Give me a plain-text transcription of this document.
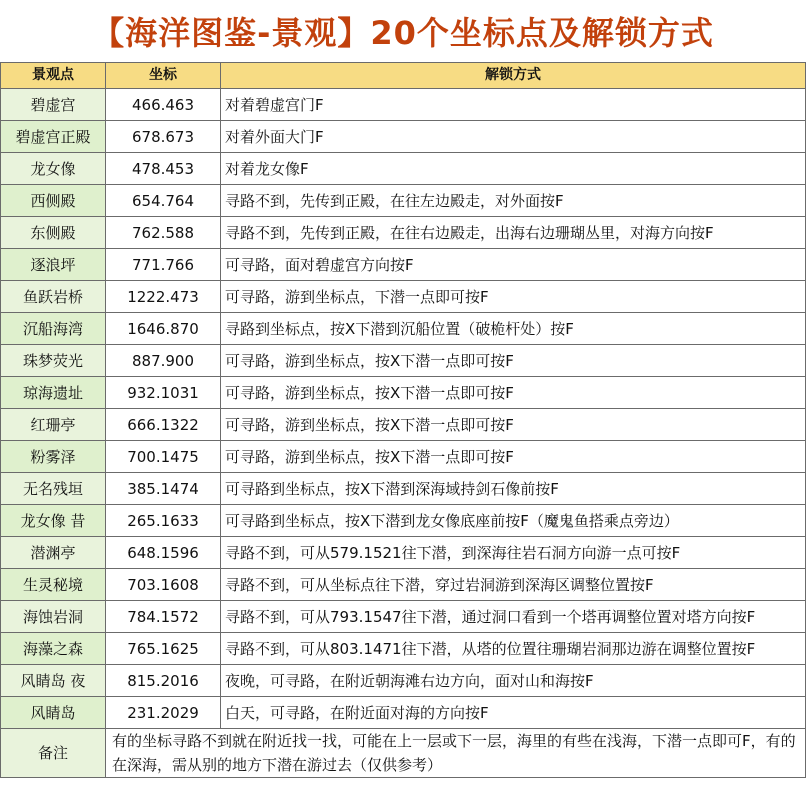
【海洋图鉴-景观】20个坐标点及解锁方式
景观点	坐标	解锁方式
碧虚宫	466.463	对着碧虚宫门F
碧虚宫正殿	678.673	对着外面大门F
龙女像	478.453	对着龙女像F
西侧殿	654.764	寻路不到，先传到正殿，在往左边殿走，对外面按F
东侧殿	762.588	寻路不到，先传到正殿，在往右边殿走，出海右边珊瑚丛里，对海方向按F
逐浪坪	771.766	可寻路，面对碧虚宫方向按F
鱼跃岩桥	1222.473	可寻路，游到坐标点，下潜一点即可按F
沉船海湾	1646.870	寻路到坐标点，按X下潜到沉船位置（破桅杆处）按F
珠梦荧光	887.900	可寻路，游到坐标点，按X下潜一点即可按F
琼海遗址	932.1031	可寻路，游到坐标点，按X下潜一点即可按F
红珊亭	666.1322	可寻路，游到坐标点，按X下潜一点即可按F
粉雾泽	700.1475	可寻路，游到坐标点，按X下潜一点即可按F
无名残垣	385.1474	可寻路到坐标点，按X下潜到深海域持剑石像前按F
龙女像 昔	265.1633	可寻路到坐标点，按X下潜到龙女像底座前按F（魔鬼鱼搭乘点旁边）
潜渊亭	648.1596	寻路不到，可从579.1521往下潜，到深海往岩石洞方向游一点可按F
生灵秘境	703.1608	寻路不到，可从坐标点往下潜，穿过岩洞游到深海区调整位置按F
海蚀岩洞	784.1572	寻路不到，可从793.1547往下潜，通过洞口看到一个塔再调整位置对塔方向按F
海藻之森	765.1625	寻路不到，可从803.1471往下潜，从塔的位置往珊瑚岩洞那边游在调整位置按F
风睛岛 夜	815.2016	夜晚，可寻路，在附近朝海滩右边方向，面对山和海按F
风睛岛	231.2029	白天，可寻路，在附近面对海的方向按F
备注	有的坐标寻路不到就在附近找一找，可能在上一层或下一层，海里的有些在浅海，下潜一点即可F，有的在深海，需从别的地方下潜在游过去（仅供参考）	
